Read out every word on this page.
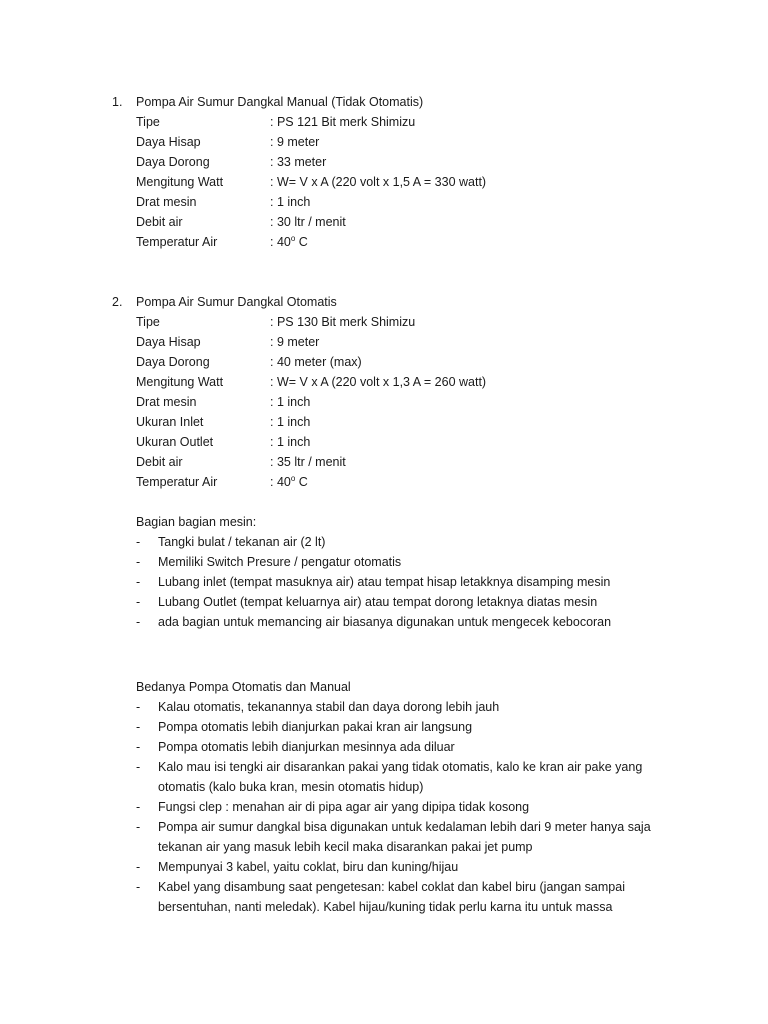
1. Pompa Air Sumur Dangkal Manual (Tidak Otomatis)
Tipe	: PS 121 Bit merk Shimizu
Daya Hisap	: 9 meter
Daya Dorong	: 33 meter
Mengitung Watt	: W= V x A (220 volt x 1,5 A = 330 watt)
Drat mesin	: 1 inch
Debit air	: 30 ltr / menit
Temperatur Air	: 40$^o$ C
2. Pompa Air Sumur Dangkal Otomatis
Tipe	: PS 130 Bit merk Shimizu
Daya Hisap	: 9 meter
Daya Dorong	: 40 meter (max)
Mengitung Watt	: W= V x A (220 volt x 1,3 A = 260 watt)
Drat mesin	: 1 inch
Ukuran Inlet	: 1 inch
Ukuran Outlet	: 1 inch
Debit air	: 35 ltr / menit
Temperatur Air	: 40$^o$ C
Bagian bagian mesin:
- Tangki bulat / tekanan air (2 lt)
- Memiliki Switch Presure / pengatur otomatis
- Lubang inlet (tempat masuknya air) atau tempat hisap letakknya disamping mesin
- Lubang Outlet (tempat keluarnya air) atau tempat dorong letaknya diatas mesin
- ada bagian untuk memancing air biasanya digunakan untuk mengecek kebocoran
Bedanya Pompa Otomatis dan Manual
- Kalau otomatis, tekanannya stabil dan daya dorong lebih jauh
- Pompa otomatis lebih dianjurkan pakai kran air langsung
- Pompa otomatis lebih dianjurkan mesinnya ada diluar
- Kalo mau isi tengki air disarankan pakai yang tidak otomatis, kalo ke kran air pake yang
otomatis (kalo buka kran, mesin otomatis hidup)
- Fungsi clep : menahan air di pipa agar air yang dipipa tidak kosong
- Pompa air sumur dangkal bisa digunakan untuk kedalaman lebih dari 9 meter hanya saja
tekanan air yang masuk lebih kecil maka disarankan pakai jet pump
- Mempunyai 3 kabel, yaitu coklat, biru dan kuning/hijau
- Kabel yang disambung saat pengetesan: kabel coklat dan kabel biru (jangan sampai
bersentuhan, nanti meledak). Kabel hijau/kuning tidak perlu karna itu untuk massa
